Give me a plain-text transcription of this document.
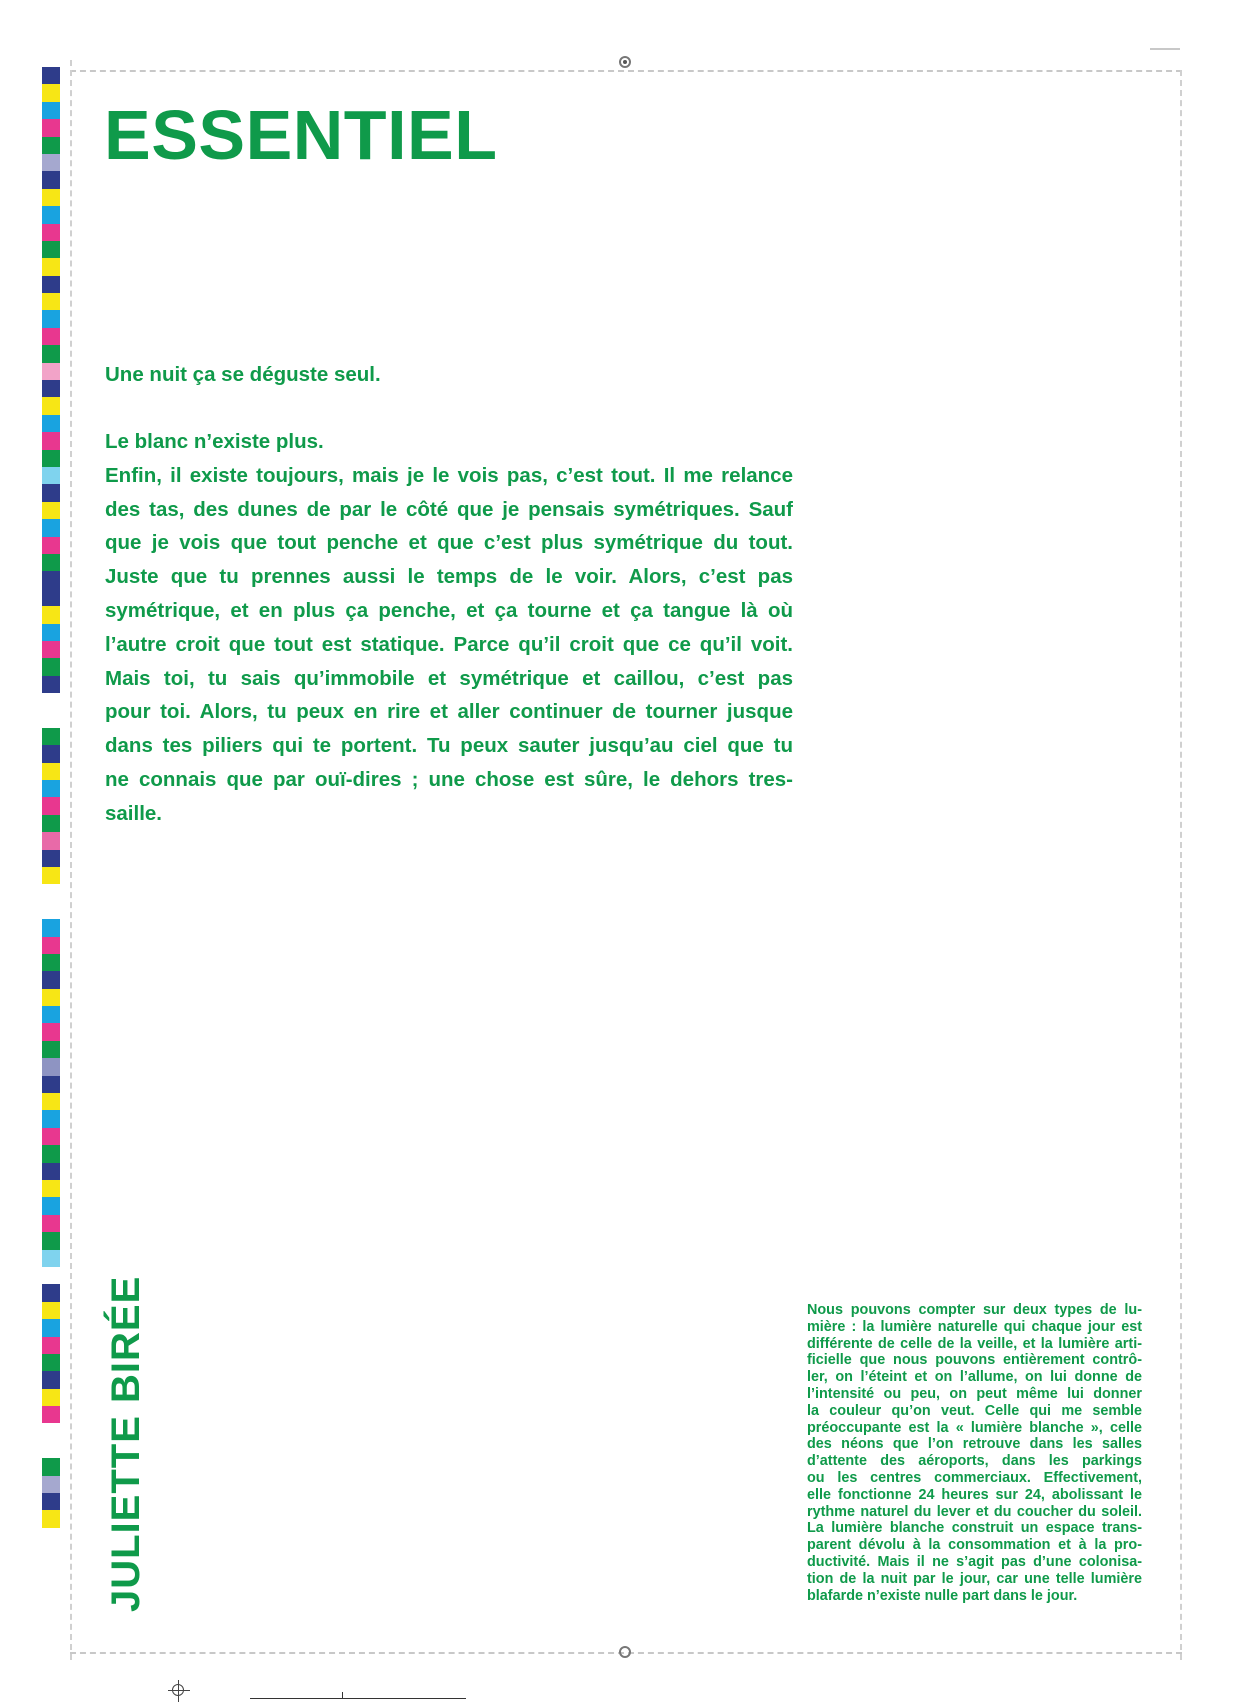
ESSENTIEL

Une nuit ça se déguste seul.

Le blanc n’existe plus.
Enfin, il existe toujours, mais je le vois pas, c’est tout. Il me relance
des tas, des dunes de par le côté que je pensais symétriques. Sauf
que je vois que tout penche et que c’est plus symétrique du tout.
Juste que tu prennes aussi le temps de le voir. Alors, c’est pas
symétrique, et en plus ça penche, et ça tourne et ça tangue là où
l’autre croit que tout est statique. Parce qu’il croit que ce qu’il voit.
Mais toi, tu sais qu’immobile et symétrique et caillou, c’est pas
pour toi. Alors, tu peux en rire et aller continuer de tourner jusque
dans tes piliers qui te portent. Tu peux sauter jusqu’au ciel que tu
ne connais que par ouï-dires ; une chose est sûre, le dehors tres-
saille.

JULIETTE BIRÉE	Nous pouvons compter sur deux types de lu-
mière : la lumière naturelle qui chaque jour est
différente de celle de la veille, et la lumière arti-
ficielle que nous pouvons entièrement contrô-
ler, on l’éteint et on l’allume, on lui donne de
l’intensité ou peu, on peut même lui donner
la couleur qu’on veut. Celle qui me semble
préoccupante est la « lumière blanche », celle
des néons que l’on retrouve dans les salles
d’attente des aéroports, dans les parkings
ou les centres commerciaux. Effectivement,
elle fonctionne 24 heures sur 24, abolissant le
rythme naturel du lever et du coucher du soleil.
La lumière blanche construit un espace trans-
parent dévolu à la consommation et à la pro-
ductivité. Mais il ne s’agit pas d’une colonisa-
tion de la nuit par le jour, car une telle lumière
blafarde n’existe nulle part dans le jour.
